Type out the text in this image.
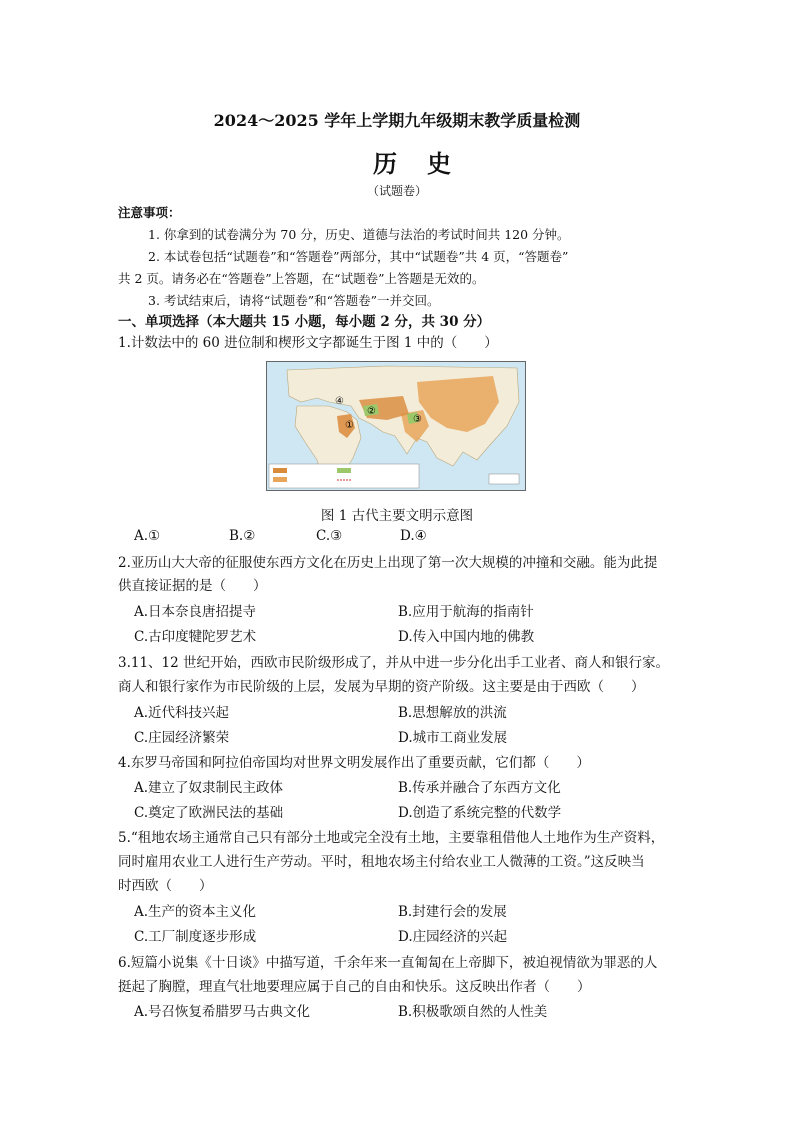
2024～2025 学年上学期九年级期末教学质量检测
历史
（试题卷）
注意事项：
1. 你拿到的试卷满分为 70 分，历史、道德与法治的考试时间共 120 分钟。
2. 本试卷包括“试题卷”和“答题卷”两部分，其中“试题卷”共 4 页，“答题卷”
共 2 页。请务必在“答题卷”上答题，在“试题卷”上答题是无效的。
3. 考试结束后，请将“试题卷”和“答题卷”一并交回。
一、单项选择（本大题共 15 小题，每小题 2 分，共 30 分）
1.计数法中的 60 进位制和楔形文字都诞生于图 1 中的（　　）
①
②
③
④
图 1 古代主要文明示意图
A.①	B.②	C.③	D.④
2.亚历山大大帝的征服使东西方文化在历史上出现了第一次大规模的冲撞和交融。能为此提
供直接证据的是（　　）
A.日本奈良唐招提寺	B.应用于航海的指南针
C.古印度犍陀罗艺术	D.传入中国内地的佛教
3.11、12 世纪开始，西欧市民阶级形成了，并从中进一步分化出手工业者、商人和银行家。
商人和银行家作为市民阶级的上层，发展为早期的资产阶级。这主要是由于西欧（　　）
A.近代科技兴起	B.思想解放的洪流
C.庄园经济繁荣	D.城市工商业发展
4.东罗马帝国和阿拉伯帝国均对世界文明发展作出了重要贡献，它们都（　　）
A.建立了奴隶制民主政体	B.传承并融合了东西方文化
C.奠定了欧洲民法的基础	D.创造了系统完整的代数学
5.“租地农场主通常自己只有部分土地或完全没有土地，主要靠租借他人土地作为生产资料，
同时雇用农业工人进行生产劳动。平时，租地农场主付给农业工人微薄的工资。”这反映当
时西欧（　　）
A.生产的资本主义化	B.封建行会的发展
C.工厂制度逐步形成	D.庄园经济的兴起
6.短篇小说集《十日谈》中描写道，千余年来一直匍匐在上帝脚下，被迫视情欲为罪恶的人
挺起了胸膛，理直气壮地要理应属于自己的自由和快乐。这反映出作者（　　）
A.号召恢复希腊罗马古典文化	B.积极歌颂自然的人性美
